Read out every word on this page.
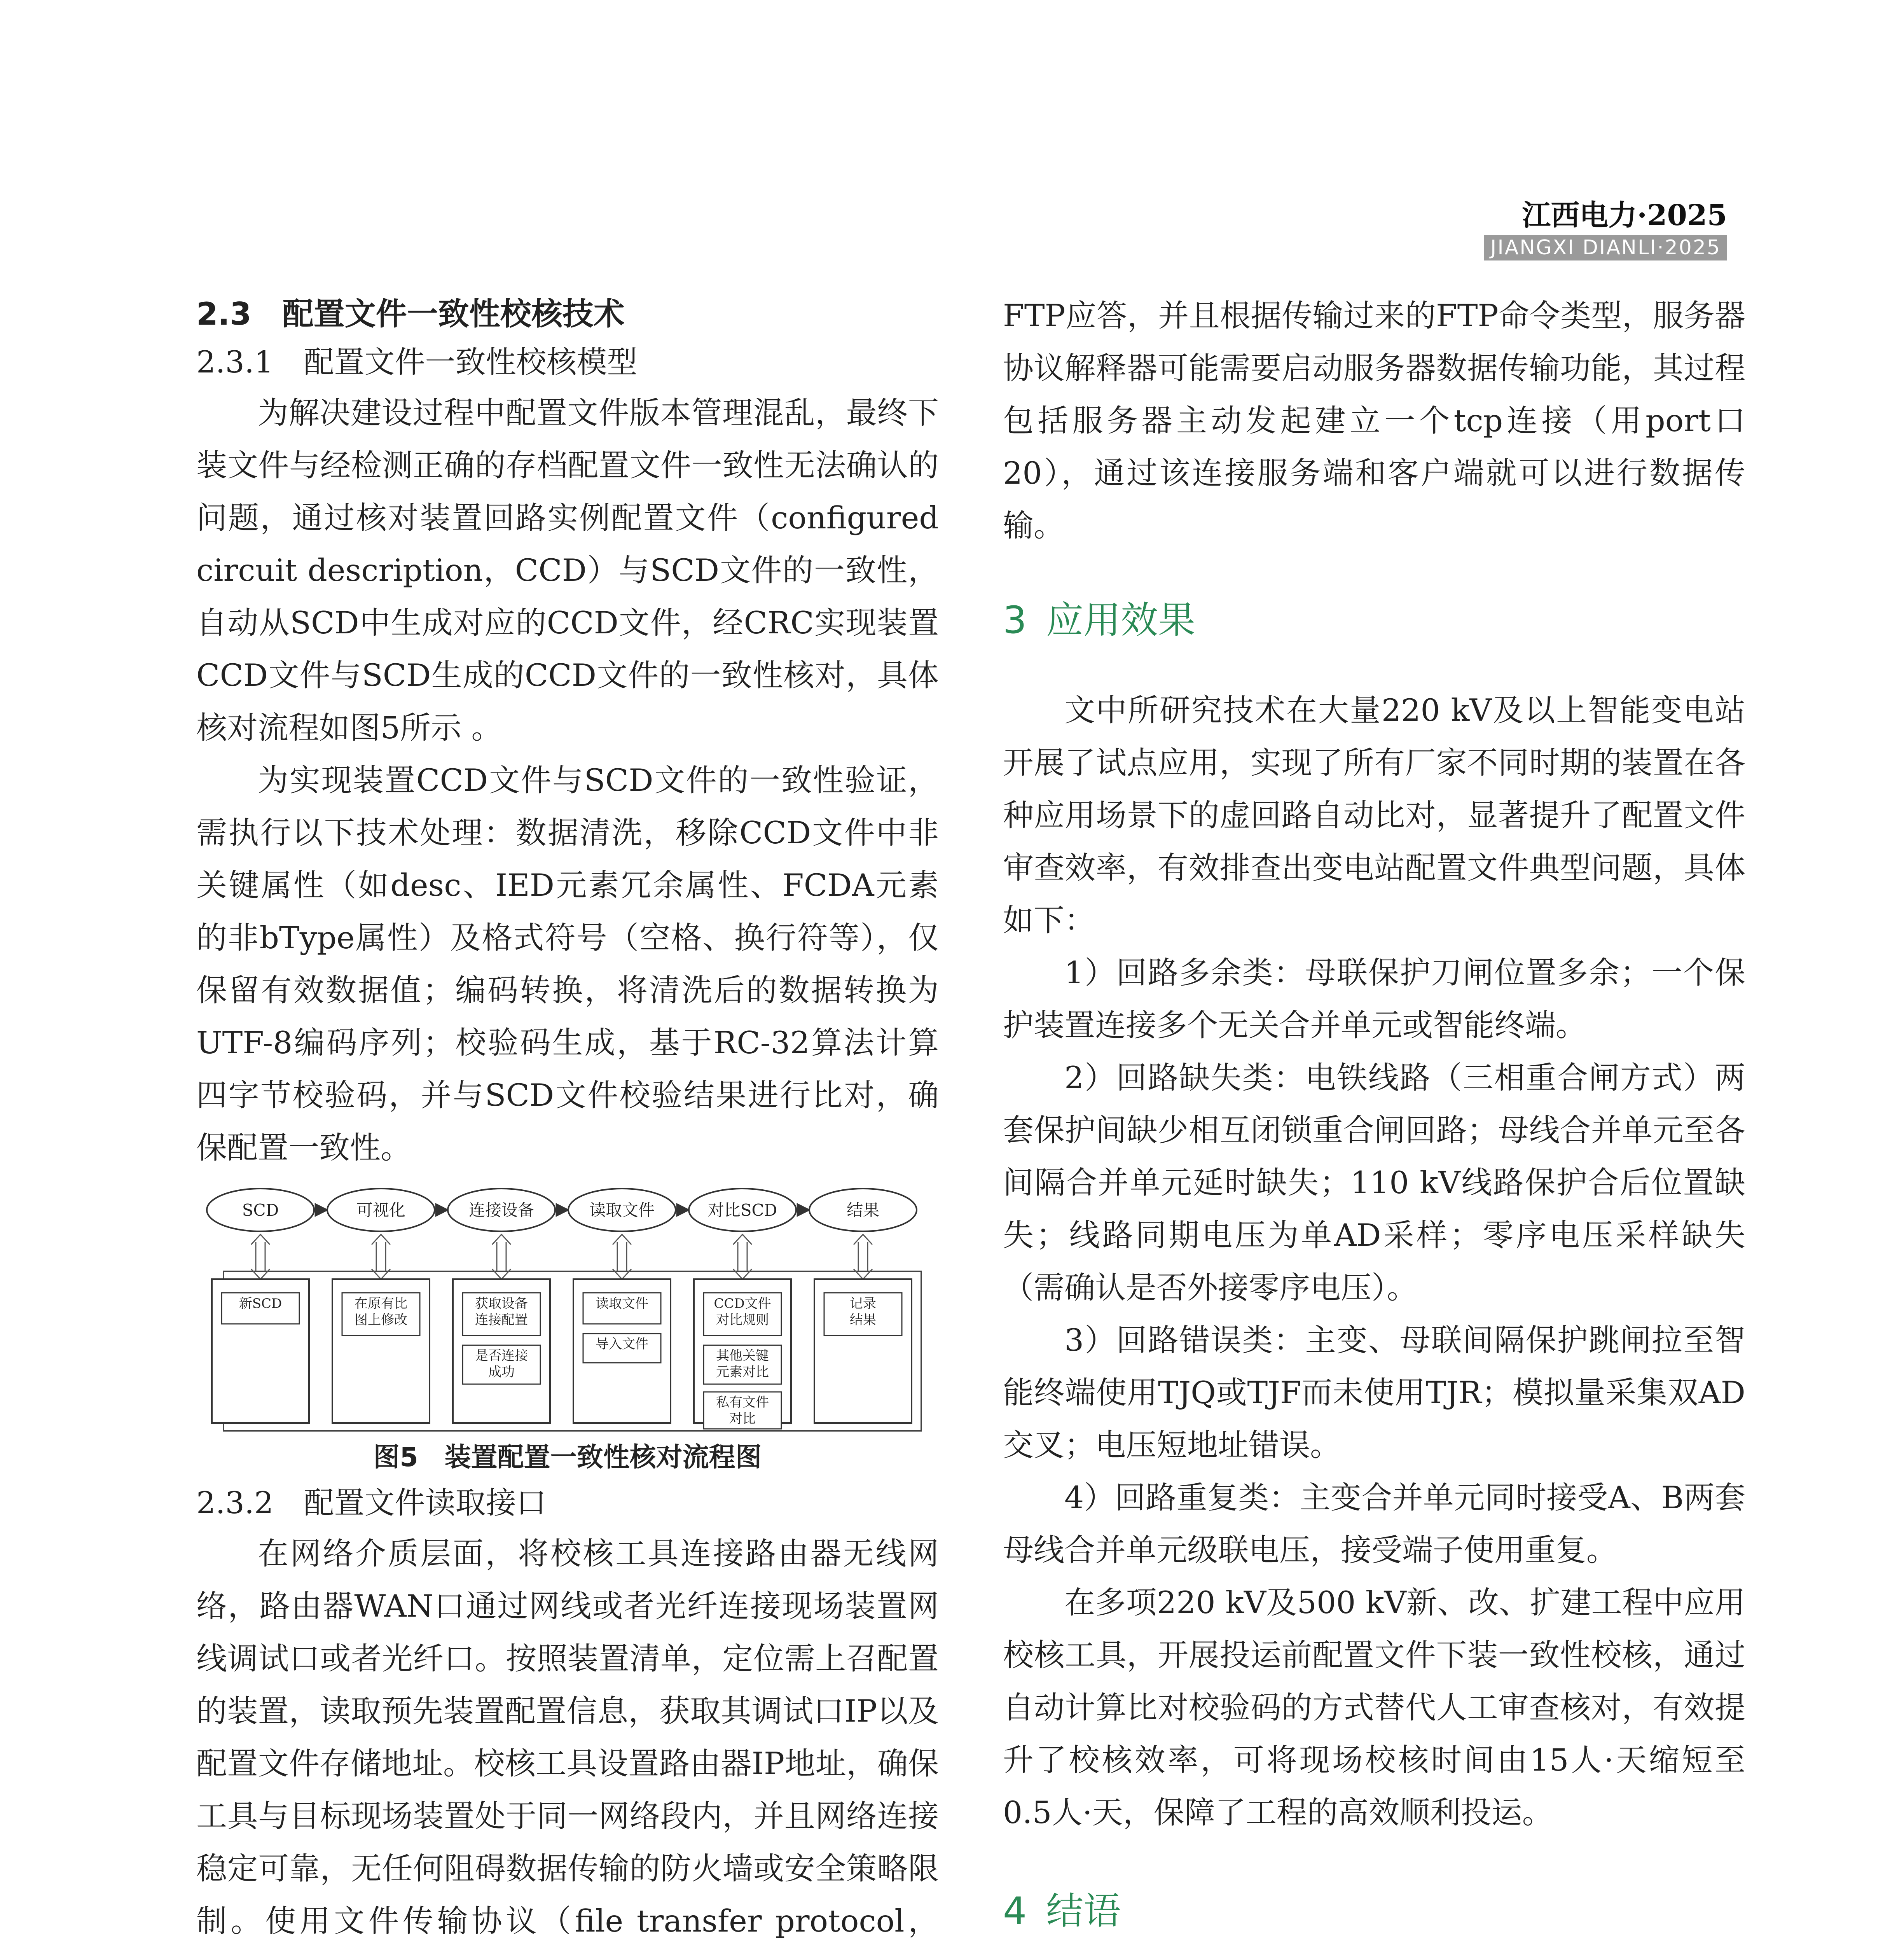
江西电力·2025
JIANGXI DIANLI·2025

2.3　配置文件一致性校核技术

2.3.1　配置文件一致性校核模型

为解决建设过程中配置文件版本管理混乱，最终下装文件与经检测正确的存档配置文件一致性无法确认的问题，通过核对装置回路实例配置文件（configured circuit description，CCD）与SCD文件的一致性，自动从SCD中生成对应的CCD文件，经CRC实现装置CCD文件与SCD生成的CCD文件的一致性核对，具体核对流程如图5所示 。

为实现装置CCD文件与SCD文件的一致性验证，需执行以下技术处理：数据清洗，移除CCD文件中非关键属性（如desc、IED元素冗余属性、FCDA元素的非bType属性）及格式符号（空格、换行符等），仅保留有效数据值；编码转换，将清洗后的数据转换为UTF-8编码序列；校验码生成，基于RC-32算法计算四字节校验码，并与SCD文件校验结果进行比对，确保配置一致性。

SCD
新SCD
可视化
在原有比
图上修改
连接设备
获取设备
连接配置
是否连接
成功
读取文件
读取文件
导入文件
对比SCD
CCD文件
对比规则
其他关键
元素对比
私有文件
对比
结果
记录
结果

图5　装置配置一致性核对流程图

2.3.2　配置文件读取接口

在网络介质层面，将校核工具连接路由器无线网络，路由器WAN口通过网线或者光纤连接现场装置网线调试口或者光纤口。按照装置清单，定位需上召配置的装置，读取预先装置配置信息，获取其调试口IP以及配置文件存储地址。校核工具设置路由器IP地址，确保工具与目标现场装置处于同一网络段内，并且网络连接稳定可靠，无任何阻碍数据传输的防火墙或安全策略限制。使用文件传输协议（file transfer protocol，

FTP应答，并且根据传输过来的FTP命令类型，服务器协议解释器可能需要启动服务器数据传输功能，其过程包括服务器主动发起建立一个tcp连接（用port口20），通过该连接服务端和客户端就可以进行数据传输。

3 应用效果

文中所研究技术在大量220 kV及以上智能变电站开展了试点应用，实现了所有厂家不同时期的装置在各种应用场景下的虚回路自动比对，显著提升了配置文件审查效率，有效排查出变电站配置文件典型问题，具体如下：

1）回路多余类：母联保护刀闸位置多余；一个保护装置连接多个无关合并单元或智能终端。

2）回路缺失类：电铁线路（三相重合闸方式）两套保护间缺少相互闭锁重合闸回路；母线合并单元至各间隔合并单元延时缺失；110 kV线路保护合后位置缺失；线路同期电压为单AD采样；零序电压采样缺失（需确认是否外接零序电压）。

3）回路错误类：主变、母联间隔保护跳闸拉至智能终端使用TJQ或TJF而未使用TJR；模拟量采集双AD交叉；电压短地址错误。

4）回路重复类：主变合并单元同时接受A、B两套母线合并单元级联电压，接受端子使用重复。

在多项220 kV及500 kV新、改、扩建工程中应用校核工具，开展投运前配置文件下装一致性校核，通过自动计算比对校验码的方式替代人工审查核对，有效提升了校核效率，可将现场校核时间由15人·天缩短至0.5人·天，保障了工程的高效顺利投运。

4 结语
